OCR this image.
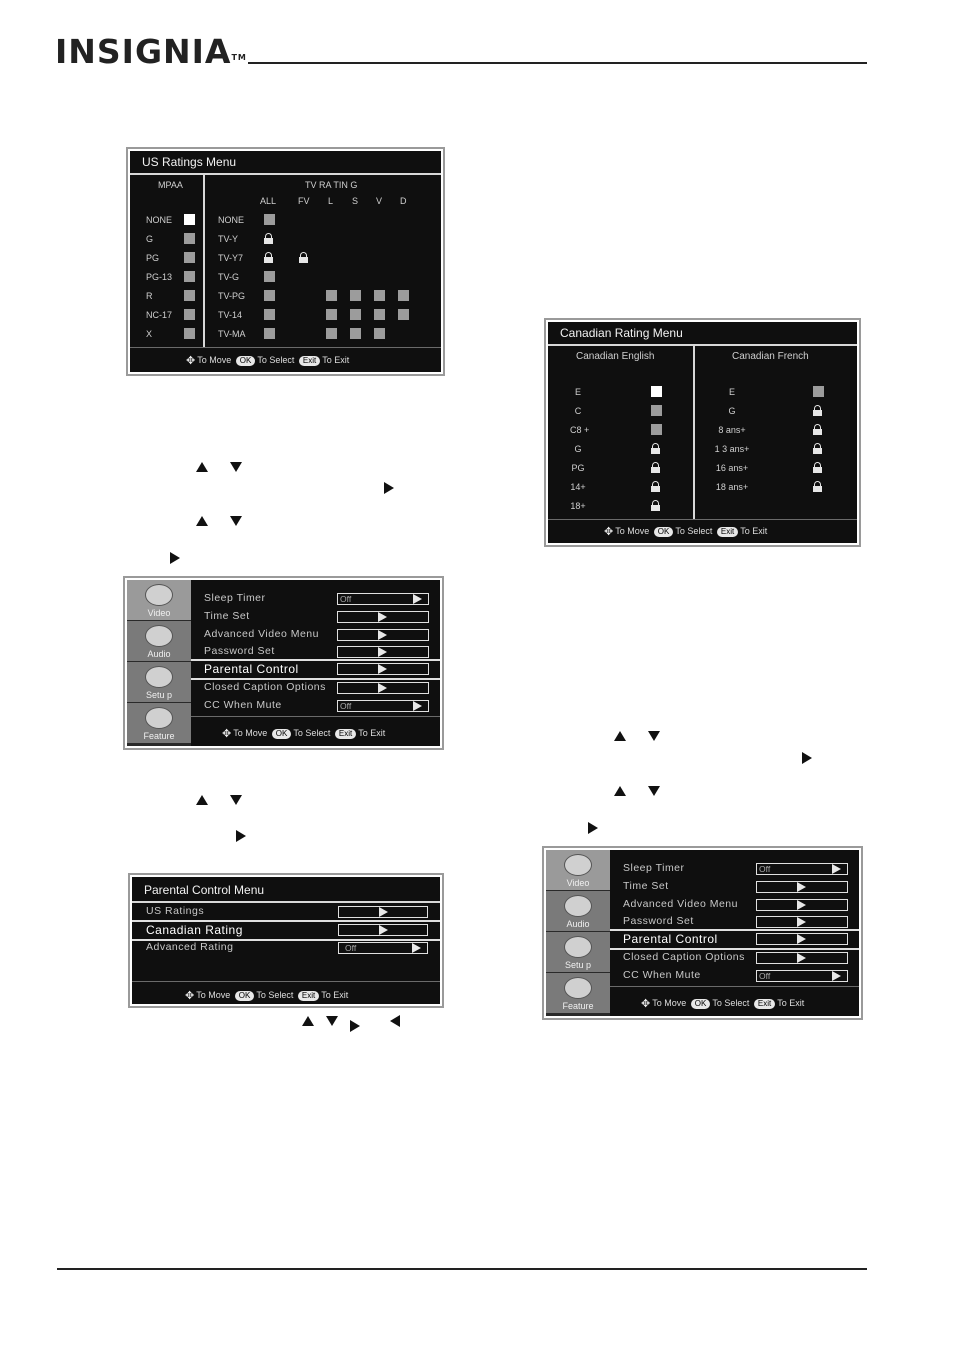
INSIGNIA™
US Ratings Menu
MPAA	TV RA TIN G
NONE
G
PG
PG-13
R
NC-17
X
ALL FV L S V D
NONE
TV-Y
TV-Y7
TV-G
TV-PG
TV-14
TV-MA
✥ To Move OK To Select Exit To Exit
Video
Audio
Setu p
Feature
Sleep Timer	Off
Time Set
Advanced Video Menu
Password Set
Parental Control
Closed Caption Options
CC When Mute	Off
✥ To Move OK To Select Exit To Exit
Parental Control Menu
US Ratings
Canadian Rating
Advanced Rating	Off
✥ To Move OK To Select Exit To Exit
Canadian Rating Menu
Canadian English	Canadian French
E
C
C8 +
G
PG
14+
18+
E
G
8 ans+
1 3 ans+
16 ans+
18 ans+
✥ To Move OK To Select Exit To Exit
Video
Audio
Setu p
Feature
Sleep Timer	Off
Time Set
Advanced Video Menu
Password Set
Parental Control
Closed Caption Options
CC When Mute	Off
✥ To Move OK To Select Exit To Exit
